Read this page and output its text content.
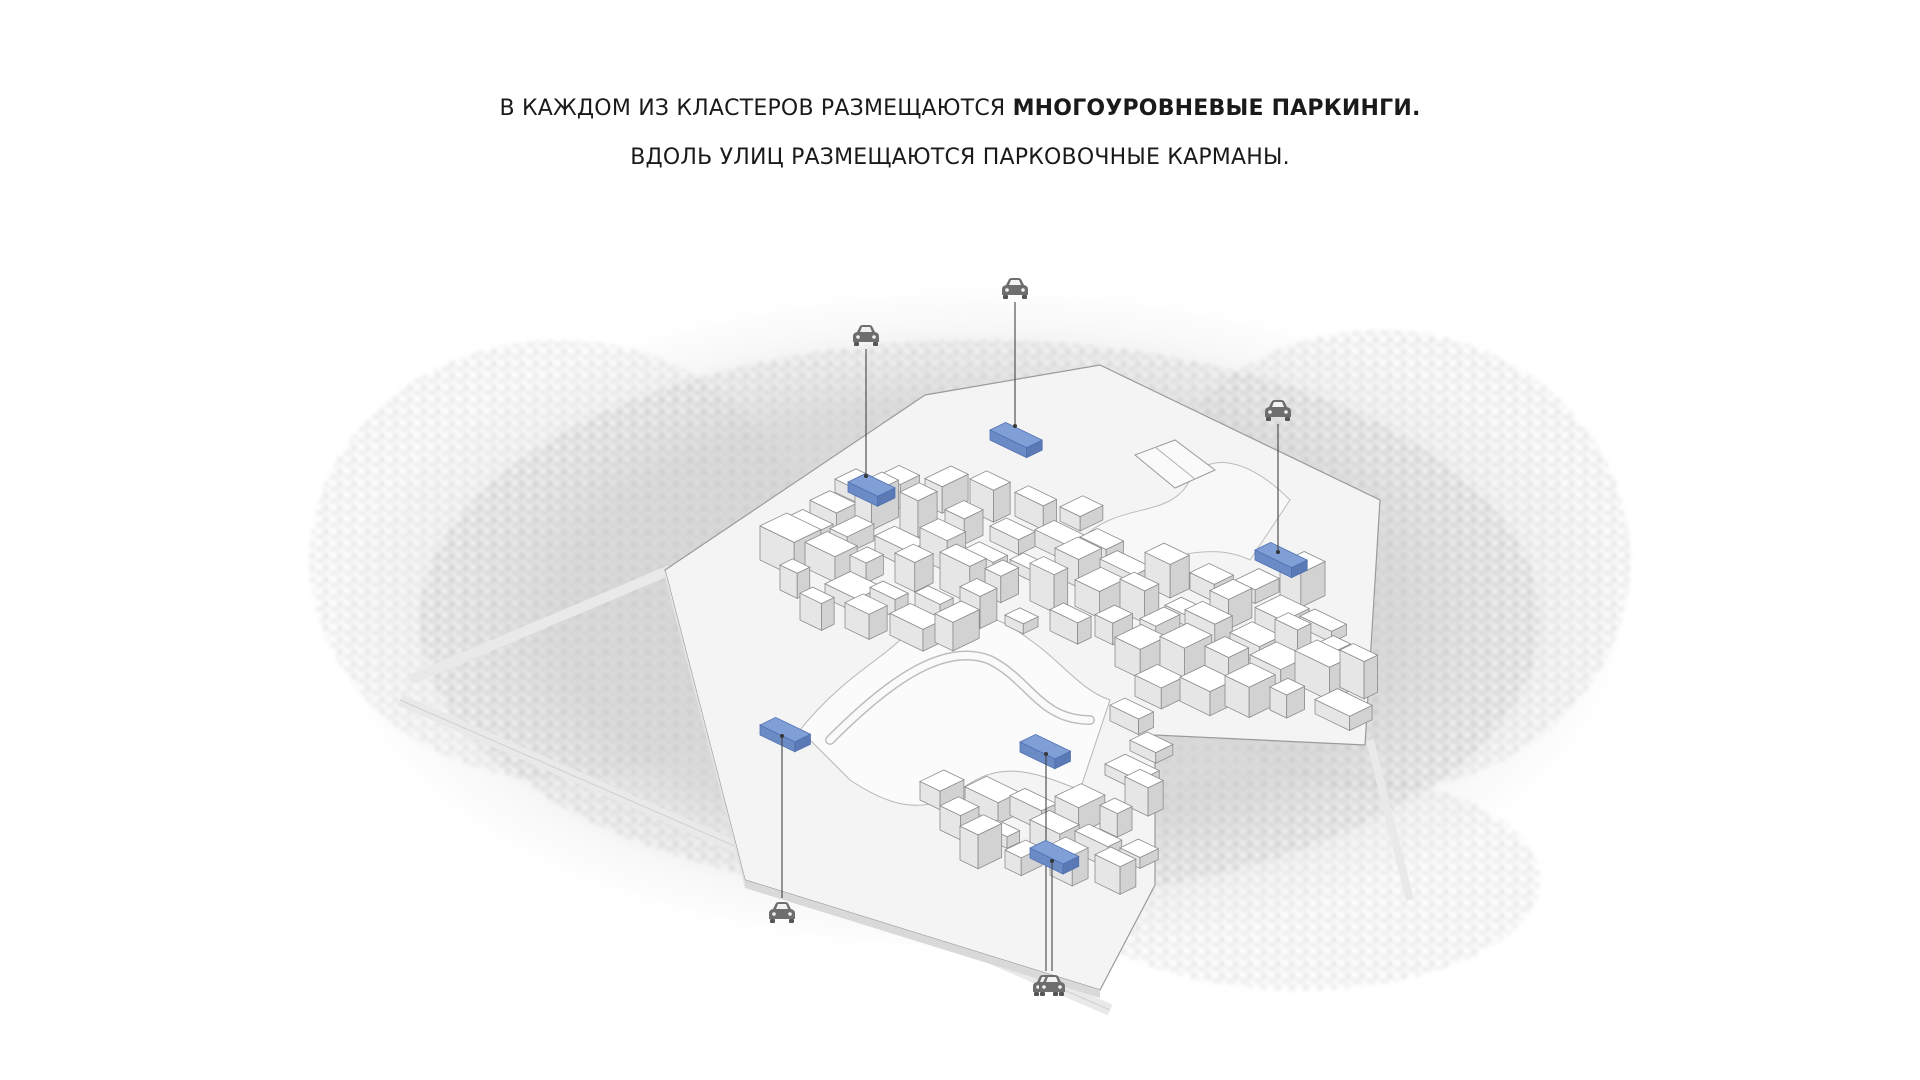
В КАЖДОМ ИЗ КЛАСТЕРОВ РАЗМЕЩАЮТСЯ МНОГОУРОВНЕВЫЕ ПАРКИНГИ.
ВДОЛЬ УЛИЦ РАЗМЕЩАЮТСЯ ПАРКОВОЧНЫЕ КАРМАНЫ.
